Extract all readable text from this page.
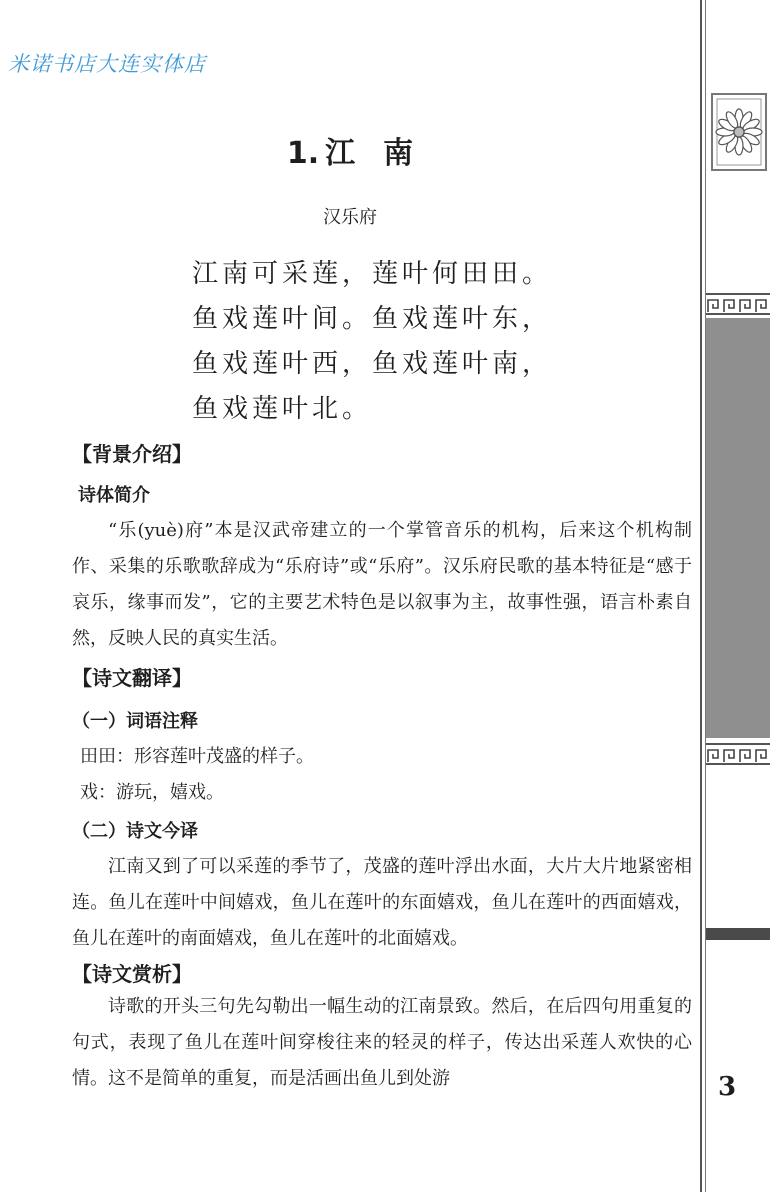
米诺书店大连实体店
1. 江 南
汉乐府
江南可采莲，莲叶何田田。
鱼戏莲叶间。鱼戏莲叶东，
鱼戏莲叶西，鱼戏莲叶南，
鱼戏莲叶北。
【背景介绍】
诗体简介
“乐(yuè)府”本是汉武帝建立的一个掌管音乐的机构，后来这个机构制作、采集的乐歌歌辞成为“乐府诗”或“乐府”。汉乐府民歌的基本特征是“感于哀乐，缘事而发”，它的主要艺术特色是以叙事为主，故事性强，语言朴素自然，反映人民的真实生活。
【诗文翻译】
（一）词语注释
田田：形容莲叶茂盛的样子。
戏：游玩，嬉戏。
（二）诗文今译
江南又到了可以采莲的季节了，茂盛的莲叶浮出水面，大片大片地紧密相连。鱼儿在莲叶中间嬉戏，鱼儿在莲叶的东面嬉戏，鱼儿在莲叶的西面嬉戏，鱼儿在莲叶的南面嬉戏，鱼儿在莲叶的北面嬉戏。
【诗文赏析】
诗歌的开头三句先勾勒出一幅生动的江南景致。然后，在后四句用重复的句式，表现了鱼儿在莲叶间穿梭往来的轻灵的样子，传达出采莲人欢快的心情。这不是简单的重复，而是活画出鱼儿到处游	3
